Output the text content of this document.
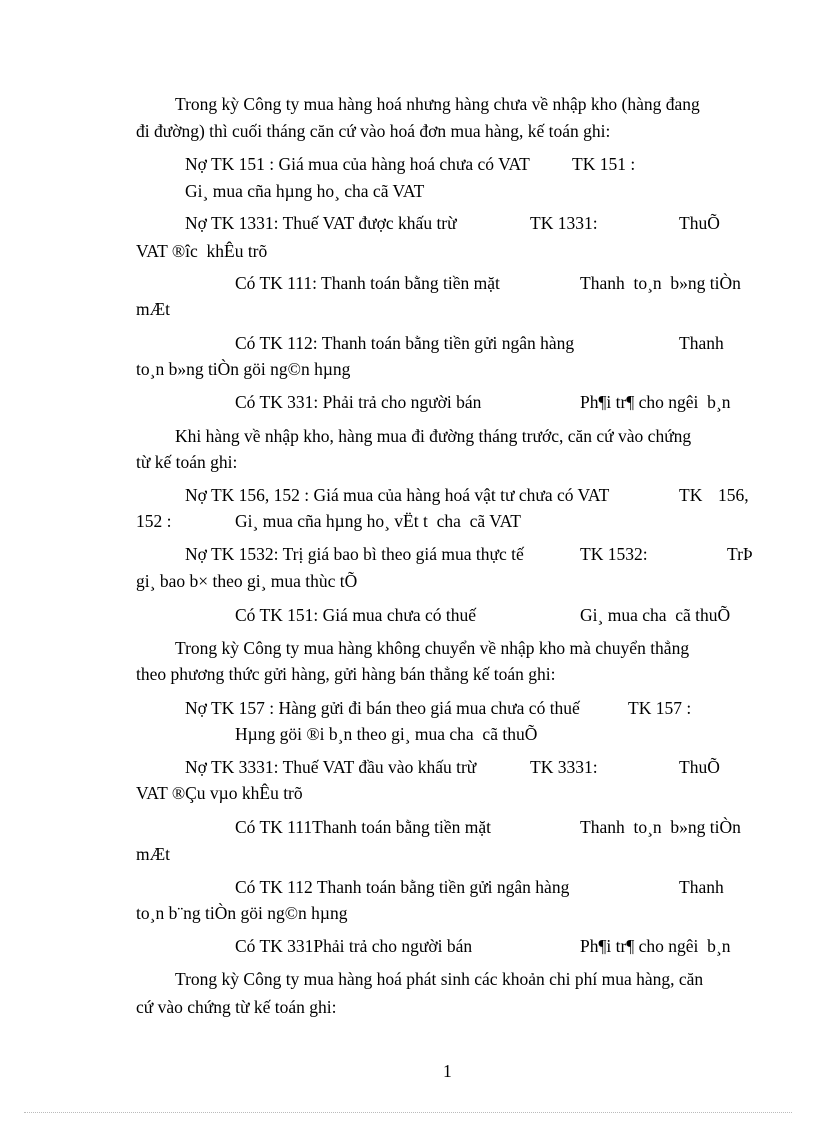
Trong kỳ Công ty mua hàng hoá nhưng hàng chưa về nhập kho (hàng đang
đi đường) thì cuối tháng căn cứ vào hoá đơn mua hàng, kế toán ghi:
Nợ TK 151 : Giá mua của hàng hoá chưa có VAT TK 151 :
Gi¸ mua cña hµng ho¸ cha cã VAT
Nợ TK 1331: Thuế VAT được khấu trừ	TK 1331:	ThuÕ
VAT ®îc  khÊu trõ
Có TK 111: Thanh toán bằng tiền mặt	Thanh  to¸n  b»ng tiÒn
mÆt
Có TK 112: Thanh toán bằng tiền gửi ngân hàng	Thanh
to¸n b»ng tiÒn göi ng©n hµng
Có TK 331: Phải trả cho người bán	Ph¶i tr¶ cho ngêi  b¸n
Khi hàng về nhập kho, hàng mua đi đường tháng trước, căn cứ vào chứng
từ kế toán ghi:
Nợ TK 156, 152 : Giá mua của hàng hoá vật tư chưa có VAT	TK 156,
152 :	Gi¸ mua cña hµng ho¸ vËt t  cha  cã VAT
Nợ TK 1532: Trị giá bao bì theo giá mua thực tế	TK 1532:	TrÞ
gi¸ bao b× theo gi¸ mua thùc tÕ
Có TK 151: Giá mua chưa có thuế	Gi¸ mua cha  cã thuÕ
Trong kỳ Công ty mua hàng không chuyển về nhập kho mà chuyển thẳng
theo phương thức gửi hàng, gửi hàng bán thẳng kế toán ghi:
Nợ TK 157 : Hàng gửi đi bán theo giá mua chưa có thuế	TK 157 :
Hµng göi ®i b¸n theo gi¸ mua cha  cã thuÕ
Nợ TK 3331: Thuế VAT đầu vào khấu trừ	TK 3331:	ThuÕ
VAT ®Çu vµo khÊu trõ
Có TK 111Thanh toán bằng tiền mặt	Thanh  to¸n  b»ng tiÒn
mÆt
Có TK 112 Thanh toán bằng tiền gửi ngân hàng	Thanh
to¸n b¨ng tiÒn göi ng©n hµng
Có TK 331Phải trả cho người bán	Ph¶i tr¶ cho ngêi  b¸n
Trong kỳ Công ty mua hàng hoá phát sinh các khoản chi phí mua hàng, căn
cứ vào chứng từ kế toán ghi:
1
